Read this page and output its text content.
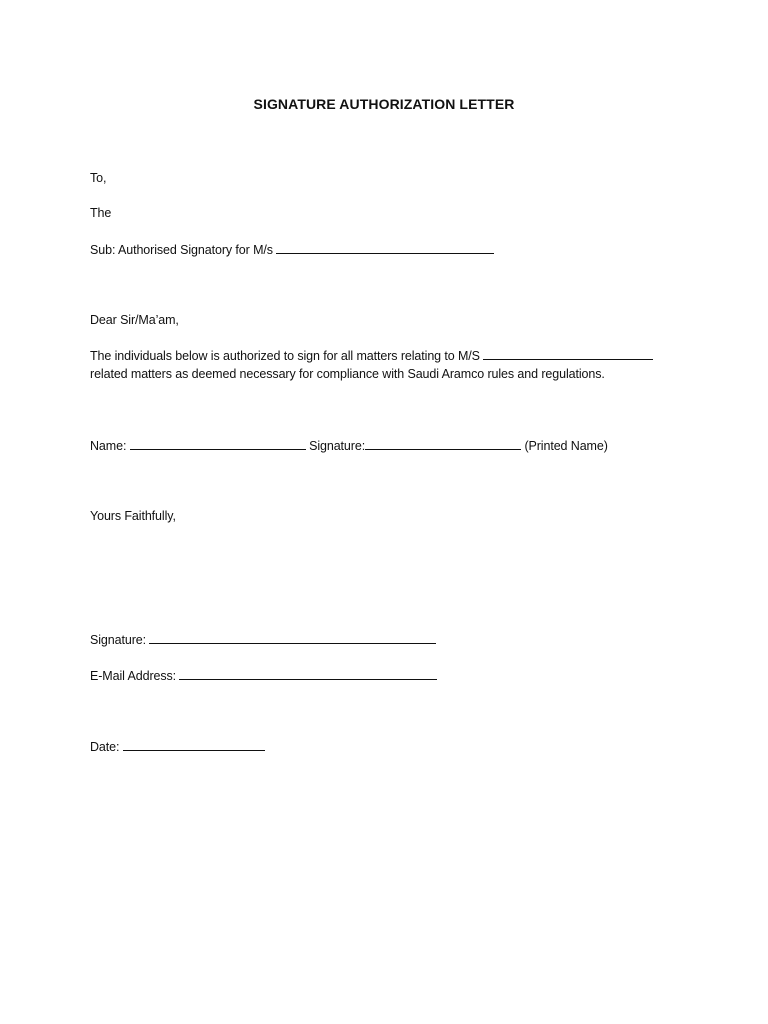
SIGNATURE AUTHORIZATION LETTER
To,
The
Sub: Authorised Signatory for M/s
Dear Sir/Ma’am,
The individuals below is authorized to sign for all matters relating to M/S
related matters as deemed necessary for compliance with Saudi Aramco rules and regulations.
Name:	Signature:	(Printed Name)
Yours Faithfully,
Signature:
E-Mail Address:
Date:
